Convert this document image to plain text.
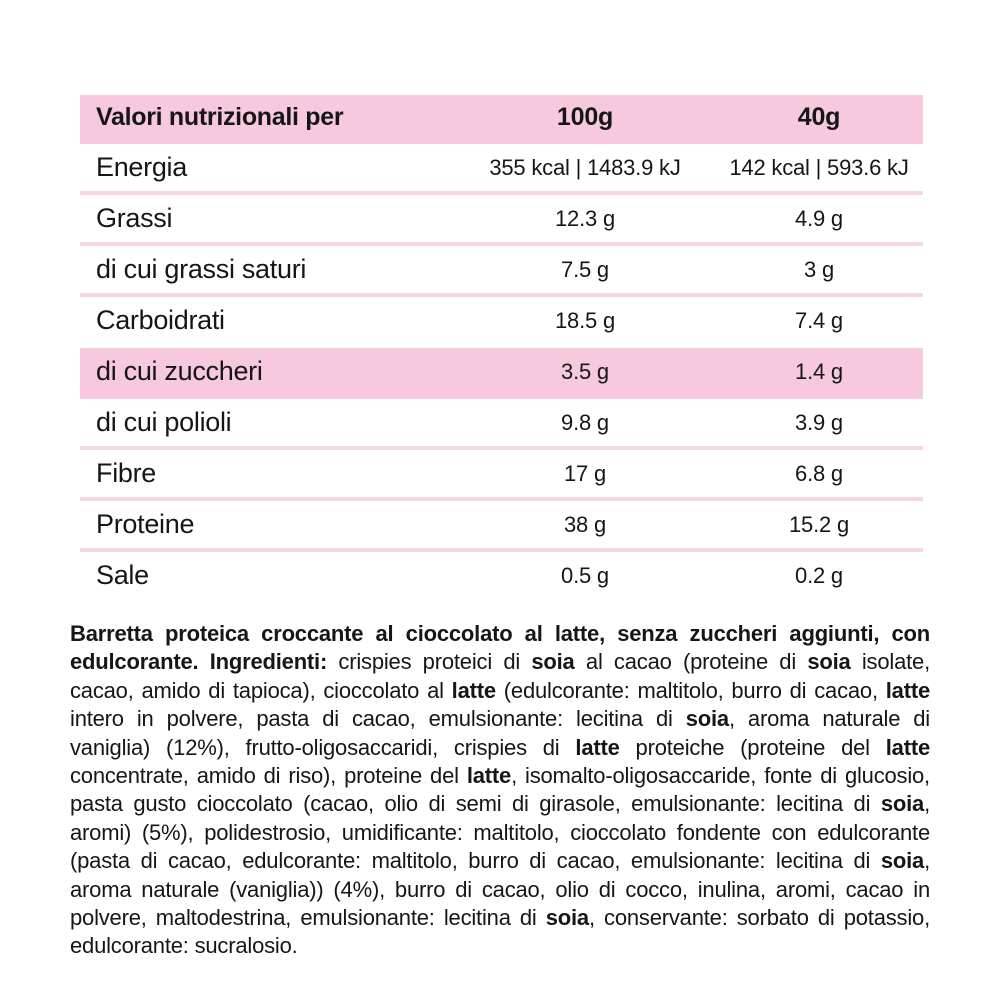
Valori nutrizionali per	100g	40g
Energia	355 kcal | 1483.9 kJ	142 kcal | 593.6 kJ
Grassi	12.3 g	4.9 g
di cui grassi saturi	7.5 g	3 g
Carboidrati	18.5 g	7.4 g
di cui zuccheri	3.5 g	1.4 g
di cui polioli	9.8 g	3.9 g
Fibre	17 g	6.8 g
Proteine	38 g	15.2 g
Sale	0.5 g	0.2 g

Barretta proteica croccante al cioccolato al latte, senza zuccheri aggiunti, con edulcorante. Ingredienti: crispies proteici di soia al cacao (proteine di soia isolate, cacao, amido di tapioca), cioccolato al latte (edulcorante: maltitolo, burro di cacao, latte intero in polvere, pasta di cacao, emulsionante: lecitina di soia, aroma naturale di vaniglia) (12%), frutto-oligosaccaridi, crispies di latte proteiche (proteine del latte concentrate, amido di riso), proteine del latte, isomalto-oligosaccaride, fonte di glucosio, pasta gusto cioccolato (cacao, olio di semi di girasole, emulsionante: lecitina di soia, aromi) (5%), polidestrosio, umidificante: maltitolo, cioccolato fondente con edulcorante (pasta di cacao, edulcorante: maltitolo, burro di cacao, emulsionante: lecitina di soia, aroma naturale (vaniglia)) (4%), burro di cacao, olio di cocco, inulina, aromi, cacao in polvere, maltodestrina, emulsionante: lecitina di soia, conservante: sorbato di potassio, edulcorante: sucralosio.
